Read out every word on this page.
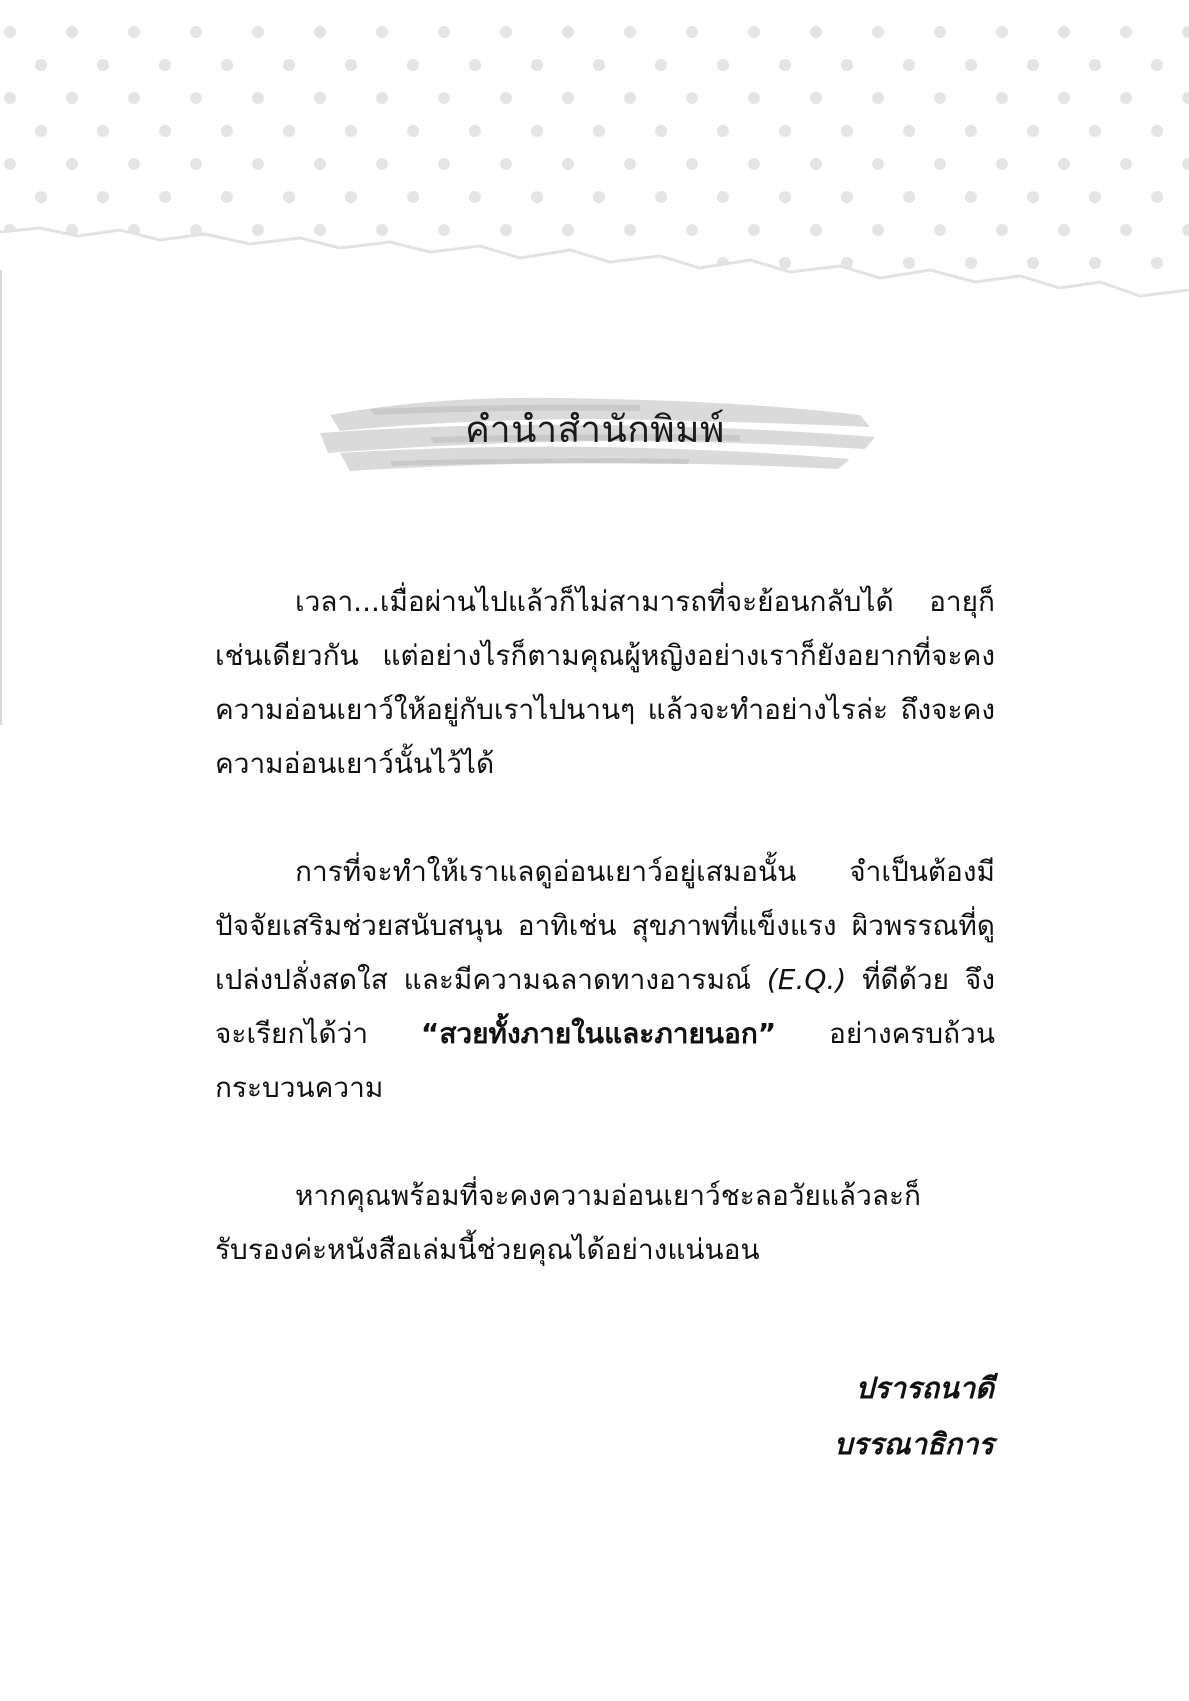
คำนำสำนักพิมพ์

เวลา...เมื่อผ่านไปแล้วก็ไม่สามารถที่จะย้อนกลับได้ อายุก็เช่นเดียวกัน แต่อย่างไรก็ตามคุณผู้หญิงอย่างเราก็ยังอยากที่จะคงความอ่อนเยาว์ให้อยู่กับเราไปนานๆ แล้วจะทำอย่างไรล่ะ ถึงจะคงความอ่อนเยาว์นั้นไว้ได้

การที่จะทำให้เราแลดูอ่อนเยาว์อยู่เสมอนั้น จำเป็นต้องมีปัจจัยเสริมช่วยสนับสนุน อาทิเช่น สุขภาพที่แข็งแรง ผิวพรรณที่ดูเปล่งปลั่งสดใส และมีความฉลาดทางอารมณ์ (E.Q.) ที่ดีด้วย จึงจะเรียกได้ว่า “สวยทั้งภายในและภายนอก” อย่างครบถ้วนกระบวนความ

หากคุณพร้อมที่จะคงความอ่อนเยาว์ชะลอวัยแล้วละก็ รับรองค่ะหนังสือเล่มนี้ช่วยคุณได้อย่างแน่นอน

ปรารถนาดี
บรรณาธิการ
